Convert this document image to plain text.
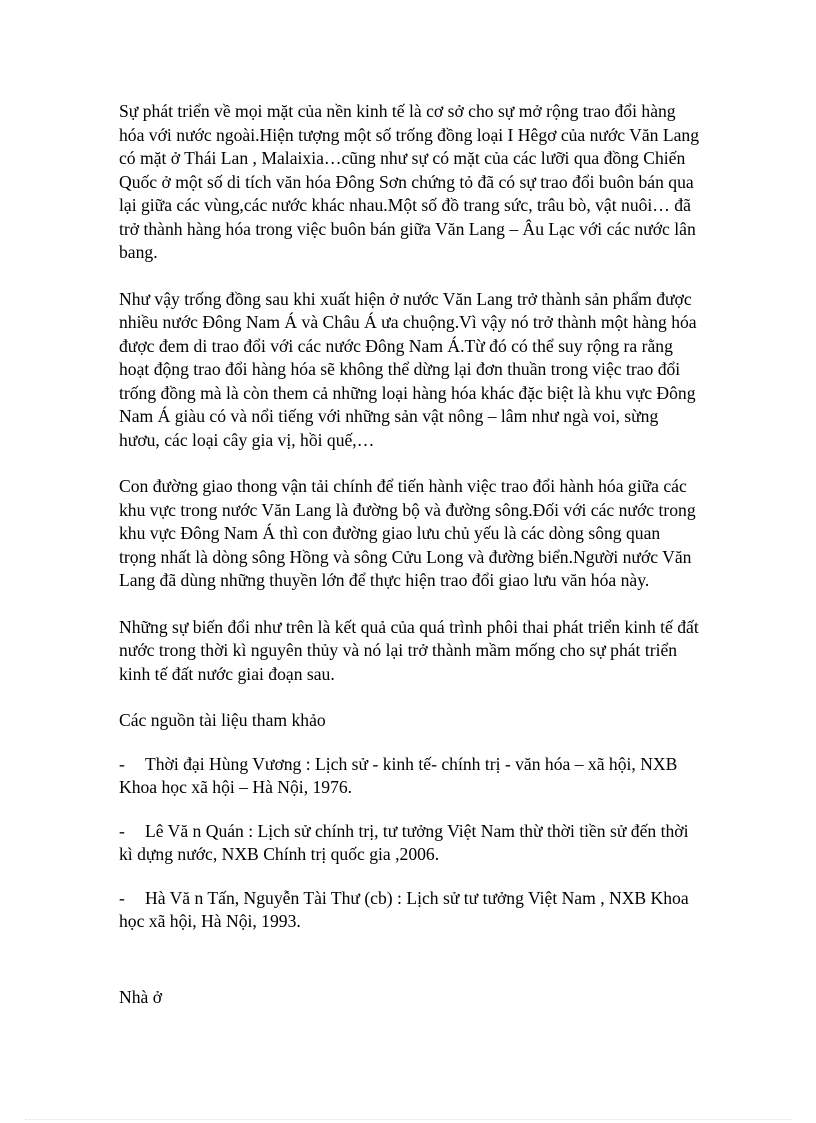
Sự phát triển về mọi mặt của nền kinh tế là cơ sở cho sự mở rộng trao đổi hàng hóa với nước ngoài.Hiện tượng một số trống đồng loại I Hêgơ của nước Văn Lang có mặt ở Thái Lan , Malaixia…cũng như sự có mặt của các lưỡi qua đồng Chiến Quốc ở một số di tích văn hóa Đông Sơn chứng tỏ đã có sự trao đổi buôn bán qua lại giữa các vùng,các nước khác nhau.Một số đồ trang sức, trâu bò, vật nuôi… đã trở thành hàng hóa trong việc buôn bán giữa Văn Lang – Âu Lạc với các nước lân bang.

Như vậy trống đồng sau khi xuất hiện ở nước Văn Lang trở thành sản phẩm được nhiều nước Đông Nam Á và Châu Á ưa chuộng.Vì vậy nó trở thành một hàng hóa được đem di trao đổi với các nước Đông Nam Á.Từ đó có thể suy rộng ra rằng hoạt động trao đổi hàng hóa sẽ không thể dừng lại đơn thuần trong việc trao đổi trống đồng mà là còn them cả những loại hàng hóa khác đặc biệt là khu vực Đông Nam Á giàu có và nổi tiếng với những sản vật nông – lâm như ngà voi, sừng hươu, các loại cây gia vị, hồi quế,…

Con đường giao thong vận tải chính để tiến hành việc trao đổi hành hóa giữa các khu vực trong nước Văn Lang là đường bộ và đường sông.Đối với các nước trong khu vực Đông Nam Á thì con đường giao lưu chủ yếu là các dòng sông quan trọng nhất là dòng sông Hồng và sông Cửu Long và đường biển.Người nước Văn Lang đã dùng những thuyền lớn để thực hiện trao đổi giao lưu văn hóa này.

Những sự biến đổi như trên là kết quả của quá trình phôi thai phát triển kinh tế đất nước trong thời kì nguyên thủy và nó lại trở thành mầm mống cho sự phát triển kinh tế đất nước giai đoạn sau.

Các nguồn tài liệu tham khảo

- Thời đại Hùng Vương : Lịch sử - kinh tế- chính trị - văn hóa – xã hội, NXB Khoa học xã hội – Hà Nội, 1976.

- Lê Vă n Quán : Lịch sử chính trị, tư tưởng Việt Nam thừ thời tiền sử đến thời kì dựng nước, NXB Chính trị quốc gia ,2006.

- Hà Vă n Tấn, Nguyễn Tài Thư (cb) : Lịch sử tư tưởng Việt Nam , NXB Khoa học xã hội, Hà Nội, 1993.

Nhà ở
